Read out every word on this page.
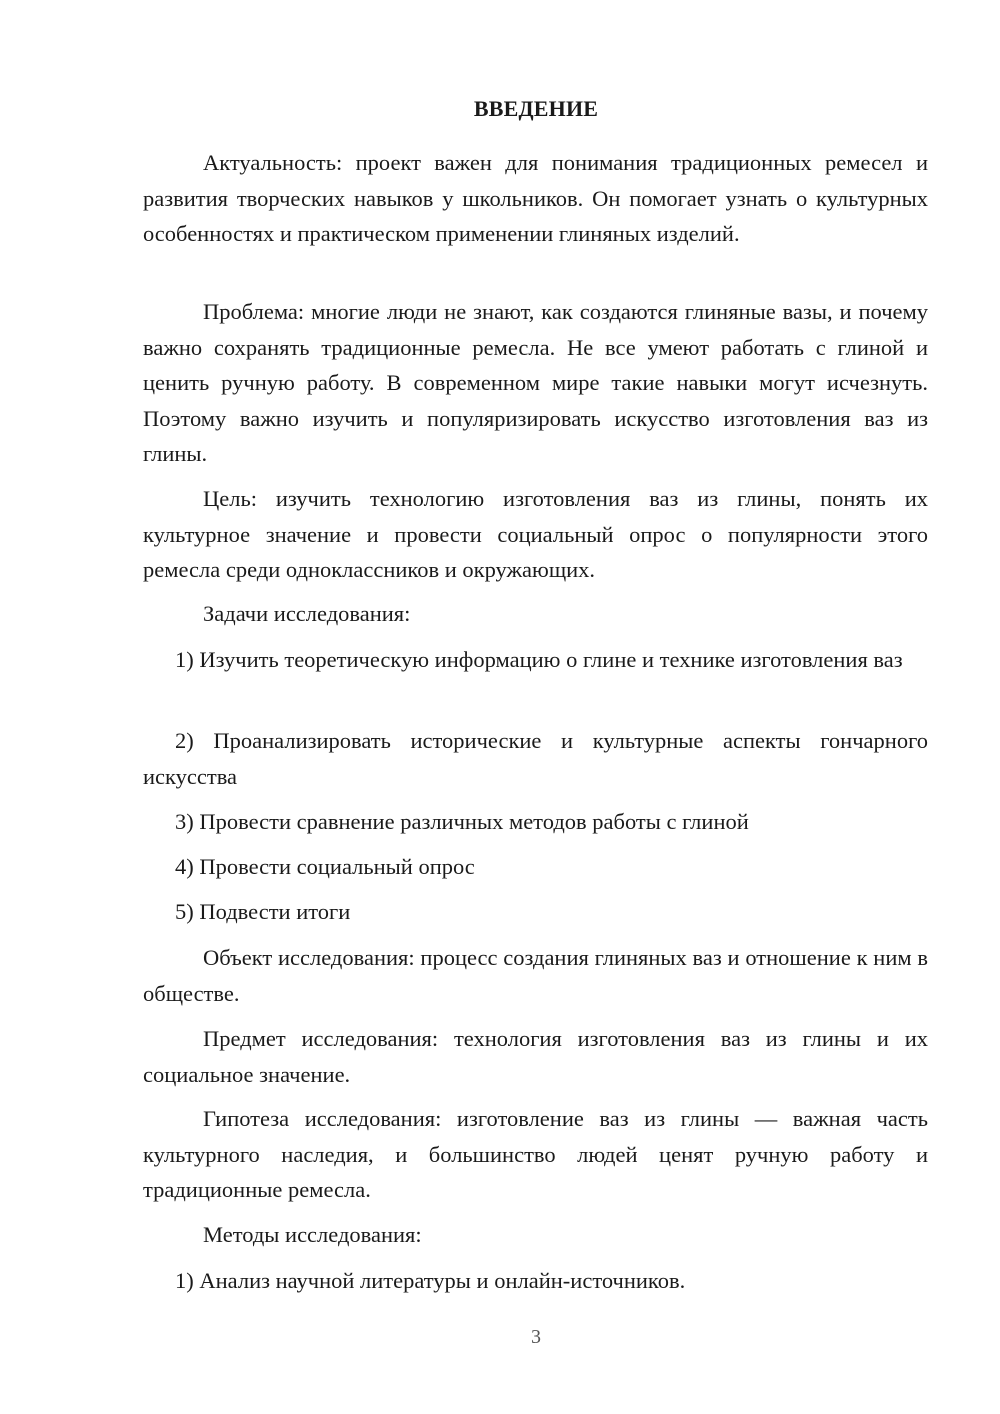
ВВЕДЕНИЕ

Актуальность: проект важен для понимания традиционных ремесел и развития творческих навыков у школьников. Он помогает узнать о культурных особенностях и практическом применении глиняных изделий.

Проблема: многие люди не знают, как создаются глиняные вазы, и почему важно сохранять традиционные ремесла. Не все умеют работать с глиной и ценить ручную работу. В современном мире такие навыки могут исчезнуть. Поэтому важно изучить и популяризировать искусство изготовления ваз из глины.

Цель: изучить технологию изготовления ваз из глины, понять их культурное значение и провести социальный опрос о популярности этого ремесла среди одноклассников и окружающих.

Задачи исследования:

1) Изучить теоретическую информацию о глине и технике изготовления ваз

2) Проанализировать исторические и культурные аспекты гончарного искусства

3) Провести сравнение различных методов работы с глиной

4) Провести социальный опрос

5) Подвести итоги

Объект исследования: процесс создания глиняных ваз и отношение к ним в обществе.

Предмет исследования: технология изготовления ваз из глины и их социальное значение.

Гипотеза исследования: изготовление ваз из глины — важная часть культурного наследия, и большинство людей ценят ручную работу и традиционные ремесла.

Методы исследования:

1) Анализ научной литературы и онлайн-источников.

3
